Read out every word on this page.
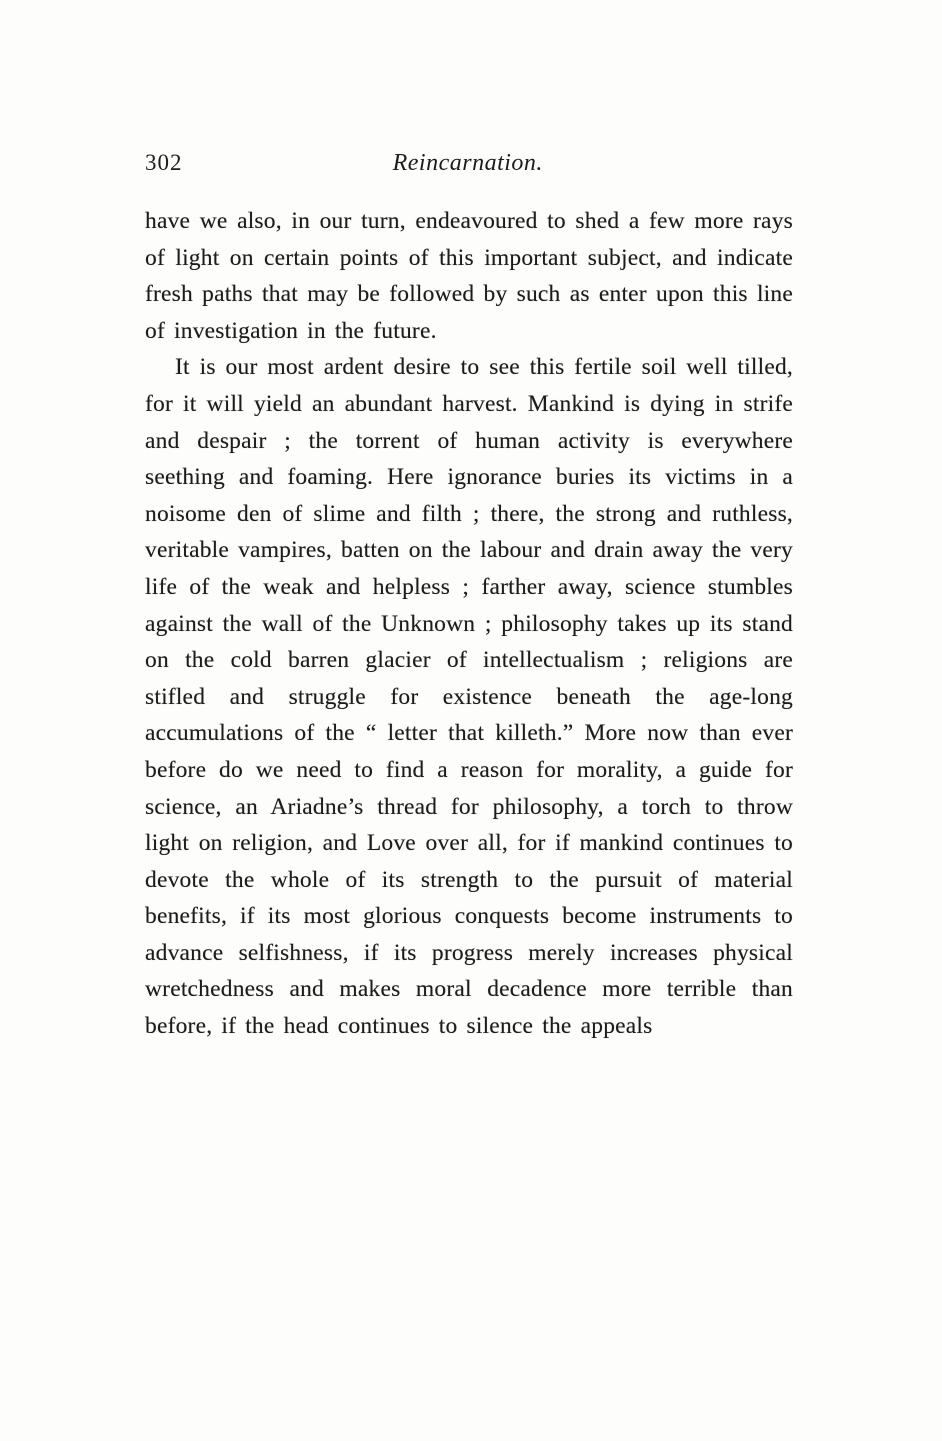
302	Reincarnation.

have we also, in our turn, endeavoured to shed a few more rays of light on certain points of this important subject, and indicate fresh paths that may be followed by such as enter upon this line of investigation in the future.

It is our most ardent desire to see this fertile soil well tilled, for it will yield an abundant harvest. Mankind is dying in strife and despair ; the torrent of human activity is everywhere seething and foaming. Here ignorance buries its victims in a noisome den of slime and filth ; there, the strong and ruthless, veritable vampires, batten on the labour and drain away the very life of the weak and helpless ; farther away, science stumbles against the wall of the Unknown ; philosophy takes up its stand on the cold barren glacier of intellectualism ; religions are stifled and struggle for existence beneath the age-long accumulations of the “ letter that killeth.” More now than ever before do we need to find a reason for morality, a guide for science, an Ariadne’s thread for philosophy, a torch to throw light on religion, and Love over all, for if mankind continues to devote the whole of its strength to the pursuit of material benefits, if its most glorious conquests become instruments to advance selfishness, if its progress merely increases physical wretchedness and makes moral decadence more terrible than before, if the head continues to silence the appeals
